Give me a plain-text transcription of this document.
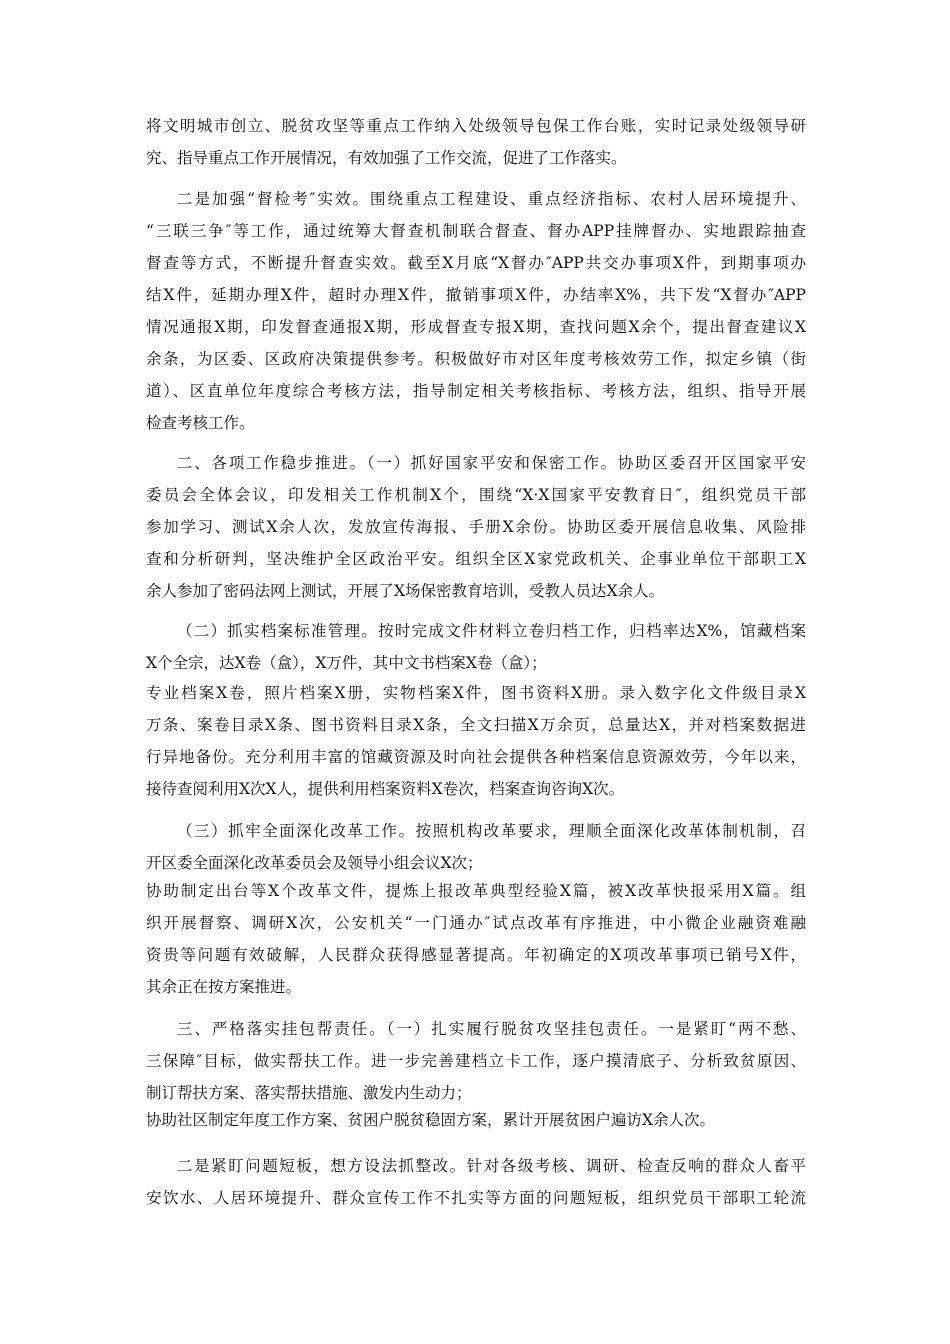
将文明城市创立、脱贫攻坚等重点工作纳入处级领导包保工作台账，实时记录处级领导研
究、指导重点工作开展情况，有效加强了工作交流，促进了工作落实。

二是加强“督检考″实效。围绕重点工程建设、重点经济指标、农村人居环境提升、
“三联三争″等工作，通过统筹大督查机制联合督查、督办APP挂牌督办、实地跟踪抽查
督查等方式，不断提升督查实效。截至X月底“X督办″APP共交办事项X件，到期事项办
结X件，延期办理X件，超时办理X件，撤销事项X件，办结率X%，共下发“X督办″APP
情况通报X期，印发督查通报X期，形成督查专报X期，查找问题X余个，提出督查建议X
余条，为区委、区政府决策提供参考。积极做好市对区年度考核效劳工作，拟定乡镇（街
道）、区直单位年度综合考核方法，指导制定相关考核指标、考核方法，组织、指导开展
检查考核工作。

二、各项工作稳步推进。（一）抓好国家平安和保密工作。协助区委召开区国家平安
委员会全体会议，印发相关工作机制X个，围绕“X·X国家平安教育日″，组织党员干部
参加学习、测试X余人次，发放宣传海报、手册X余份。协助区委开展信息收集、风险排
查和分析研判，坚决维护全区政治平安。组织全区X家党政机关、企事业单位干部职工X
余人参加了密码法网上测试，开展了X场保密教育培训，受教人员达X余人。

（二）抓实档案标准管理。按时完成文件材料立卷归档工作，归档率达X%，馆藏档案
X个全宗，达X卷（盒），X万件，其中文书档案X卷（盒）；

专业档案X卷，照片档案X册，实物档案X件，图书资料X册。录入数字化文件级目录X
万条、案卷目录X条、图书资料目录X条，全文扫描X万余页，总量达X，并对档案数据进
行异地备份。充分利用丰富的馆藏资源及时向社会提供各种档案信息资源效劳，今年以来，
接待查阅利用X次X人，提供利用档案资料X卷次，档案查询咨询X次。

（三）抓牢全面深化改革工作。按照机构改革要求，理顺全面深化改革体制机制，召
开区委全面深化改革委员会及领导小组会议X次；

协助制定出台等X个改革文件，提炼上报改革典型经验X篇，被X改革快报采用X篇。组
织开展督察、调研X次，公安机关“一门通办″试点改革有序推进，中小微企业融资难融
资贵等问题有效破解，人民群众获得感显著提高。年初确定的X项改革事项已销号X件，
其余正在按方案推进。

三、严格落实挂包帮责任。（一）扎实履行脱贫攻坚挂包责任。一是紧盯“两不愁、
三保障″目标，做实帮扶工作。进一步完善建档立卡工作，逐户摸清底子、分析致贫原因、
制订帮扶方案、落实帮扶措施、激发内生动力；

协助社区制定年度工作方案、贫困户脱贫稳固方案，累计开展贫困户遍访X余人次。

二是紧盯问题短板，想方设法抓整改。针对各级考核、调研、检查反响的群众人畜平
安饮水、人居环境提升、群众宣传工作不扎实等方面的问题短板，组织党员干部职工轮流
